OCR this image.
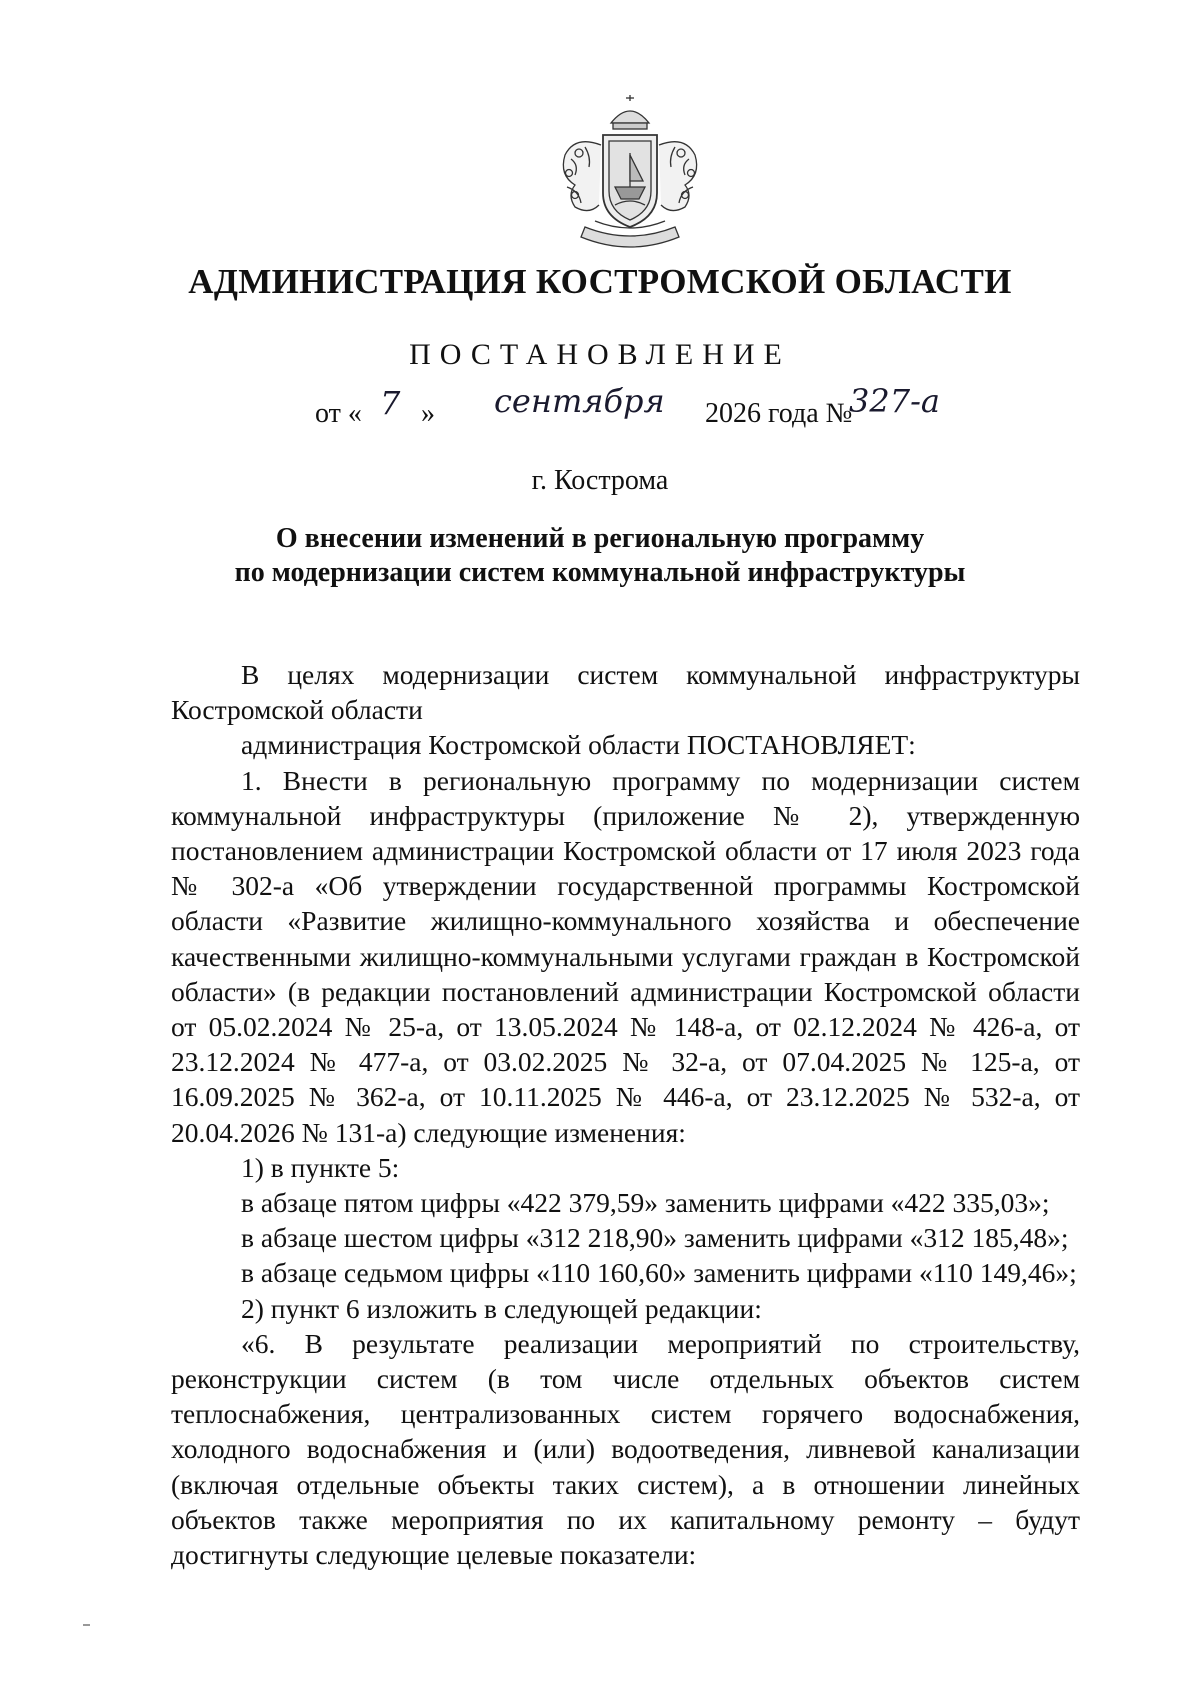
АДМИНИСТРАЦИЯ КОСТРОМСКОЙ ОБЛАСТИ
ПОСТАНОВЛЕНИЕ
от « 7 » сентября 2026 года №
327-а
г. Кострома
О внесении изменений в региональную программу
по модернизации систем коммунальной инфраструктуры

В целях модернизации систем коммунальной инфраструктуры Костромской области

администрация Костромской области ПОСТАНОВЛЯЕТ:

1. Внести в региональную программу по модернизации систем коммунальной инфраструктуры (приложение № 2), утвержденную постановлением администрации Костромской области от 17 июля 2023 года № 302-а «Об утверждении государственной программы Костромской области «Развитие жилищно-коммунального хозяйства и обеспечение качественными жилищно-коммунальными услугами граждан в Костромской области» (в редакции постановлений администрации Костромской области от 05.02.2024 № 25-а, от 13.05.2024 № 148-а, от 02.12.2024 № 426-а, от 23.12.2024 № 477-а, от 03.02.2025 № 32-а, от 07.04.2025 № 125-а, от 16.09.2025 № 362-а, от 10.11.2025 № 446-а, от 23.12.2025 № 532-а, от 20.04.2026 № 131-а) следующие изменения:

1) в пункте 5:

в абзаце пятом цифры «422 379,59» заменить цифрами «422 335,03»;

в абзаце шестом цифры «312 218,90» заменить цифрами «312 185,48»;

в абзаце седьмом цифры «110 160,60» заменить цифрами «110 149,46»;

2) пункт 6 изложить в следующей редакции:

«6. В результате реализации мероприятий по строительству, реконструкции систем (в том числе отдельных объектов систем теплоснабжения, централизованных систем горячего водоснабжения, холодного водоснабжения и (или) водоотведения, ливневой канализации (включая отдельные объекты таких систем), а в отношении линейных объектов также мероприятия по их капитальному ремонту – будут достигнуты следующие целевые показатели:
